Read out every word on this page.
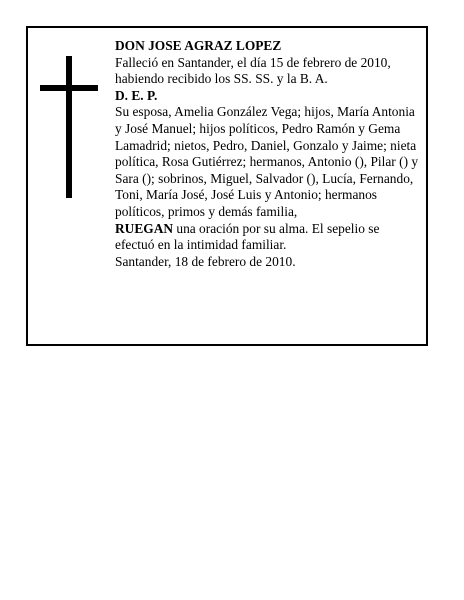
DON JOSE AGRAZ LOPEZ

Falleció en Santander, el día 15 de febrero de 2010, habiendo recibido los SS. SS. y la B. A.

D. E. P.

Su esposa, Amelia González Vega; hijos, María Antonia y José Manuel; hijos políticos, Pedro Ramón y Gema Lamadrid; nietos, Pedro, Daniel, Gonzalo y Jaime; nieta política, Rosa Gutiérrez; hermanos, Antonio (), Pilar () y Sara (); sobrinos, Miguel, Salvador (), Lucía, Fernando, Toni, María José, José Luis y Antonio; hermanos políticos, primos y demás familia,

RUEGAN una oración por su alma. El sepelio se efectuó en la intimidad familiar.

Santander, 18 de febrero de 2010.
